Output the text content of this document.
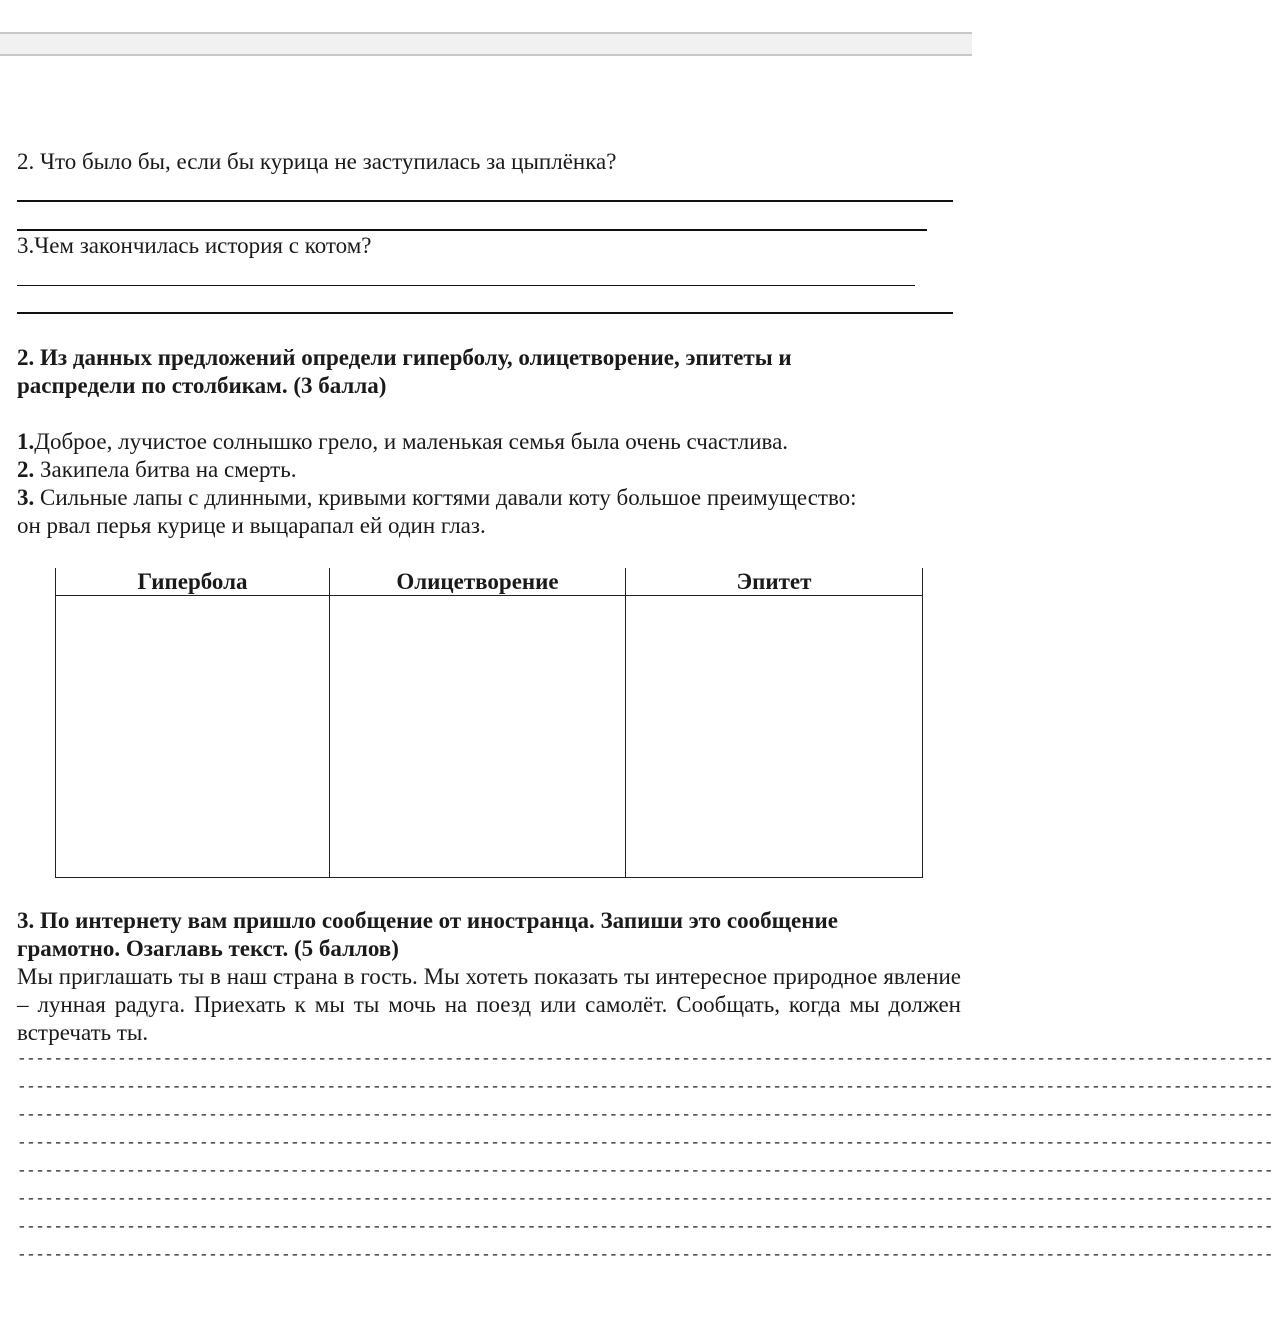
2. Что было бы, если бы курица не заступилась за цыплёнка?
3.Чем закончилась история с котом?
2. Из данных предложений определи гиперболу, олицетворение, эпитеты и
распредели по столбикам. (3 балла)
1.Доброе, лучистое солнышко грело, и маленькая семья была очень счастлива.
2. Закипела битва на смерть.
3. Сильные лапы с длинными, кривыми когтями давали коту большое преимущество:
он рвал перья курице и выцарапал ей один глаз.
Гипербола	Олицетворение	Эпитет

3. По интернету вам пришло сообщение от иностранца. Запиши это сообщение
грамотно. Озаглавь текст. (5 баллов)
Мы приглашать ты в наш страна в гость. Мы хотеть показать ты интересное природное явление – лунная радуга. Приехать к мы ты мочь на поезд или самолёт. Сообщать, когда мы должен встречать ты.
------------------------------------------------------------------------------------------------------------------------------------------
------------------------------------------------------------------------------------------------------------------------------------------
------------------------------------------------------------------------------------------------------------------------------------------
------------------------------------------------------------------------------------------------------------------------------------------
------------------------------------------------------------------------------------------------------------------------------------------
------------------------------------------------------------------------------------------------------------------------------------------
------------------------------------------------------------------------------------------------------------------------------------------
------------------------------------------------------------------------------------------------------------------------------------------
